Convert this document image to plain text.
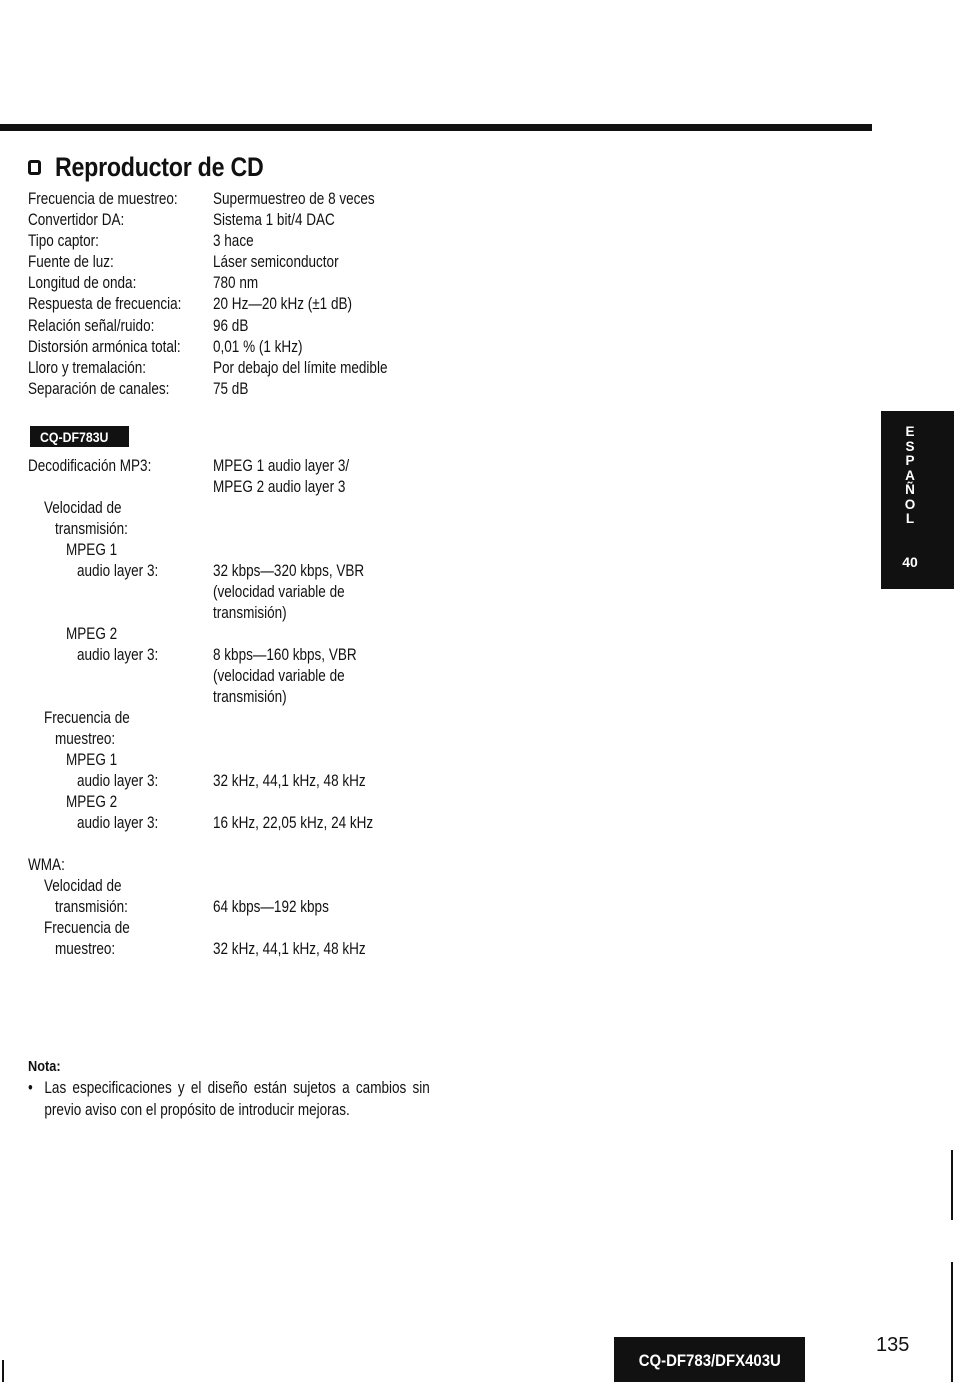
Reproductor de CD
Frecuencia de muestreo: Supermuestreo de 8 veces
Convertidor DA:	Sistema 1 bit/4 DAC
Tipo captor:	3 hace
Fuente de luz:	Láser semiconductor
Longitud de onda:	780 nm
Respuesta de frecuencia: 20 Hz—20 kHz (±1 dB)
Relación señal/ruido:	96 dB
Distorsión armónica total: 0,01 % (1 kHz)
Lloro y tremalación:	Por debajo del límite medible
Separación de canales:	75 dB
CQ-DF783U
Decodificación MP3:	MPEG 1 audio layer 3/
MPEG 2 audio layer 3
Velocidad de
transmisión:
MPEG 1
audio layer 3:	32 kbps—320 kbps, VBR
(velocidad variable de
transmisión)
MPEG 2
audio layer 3:	8 kbps—160 kbps, VBR
(velocidad variable de
transmisión)
Frecuencia de
muestreo:
MPEG 1
audio layer 3:	32 kHz, 44,1 kHz, 48 kHz
MPEG 2
audio layer 3:	16 kHz, 22,05 kHz, 24 kHz
WMA:
Velocidad de
transmisión:	64 kbps—192 kbps
Frecuencia de
muestreo:	32 kHz, 44,1 kHz, 48 kHz
Nota:
• Las especificaciones y el diseño están sujetos a cambios sin previo aviso con el propósito de introducir mejoras.
E
S
P
A
Ñ
O
L
40
CQ-DF783/DFX403U
135
